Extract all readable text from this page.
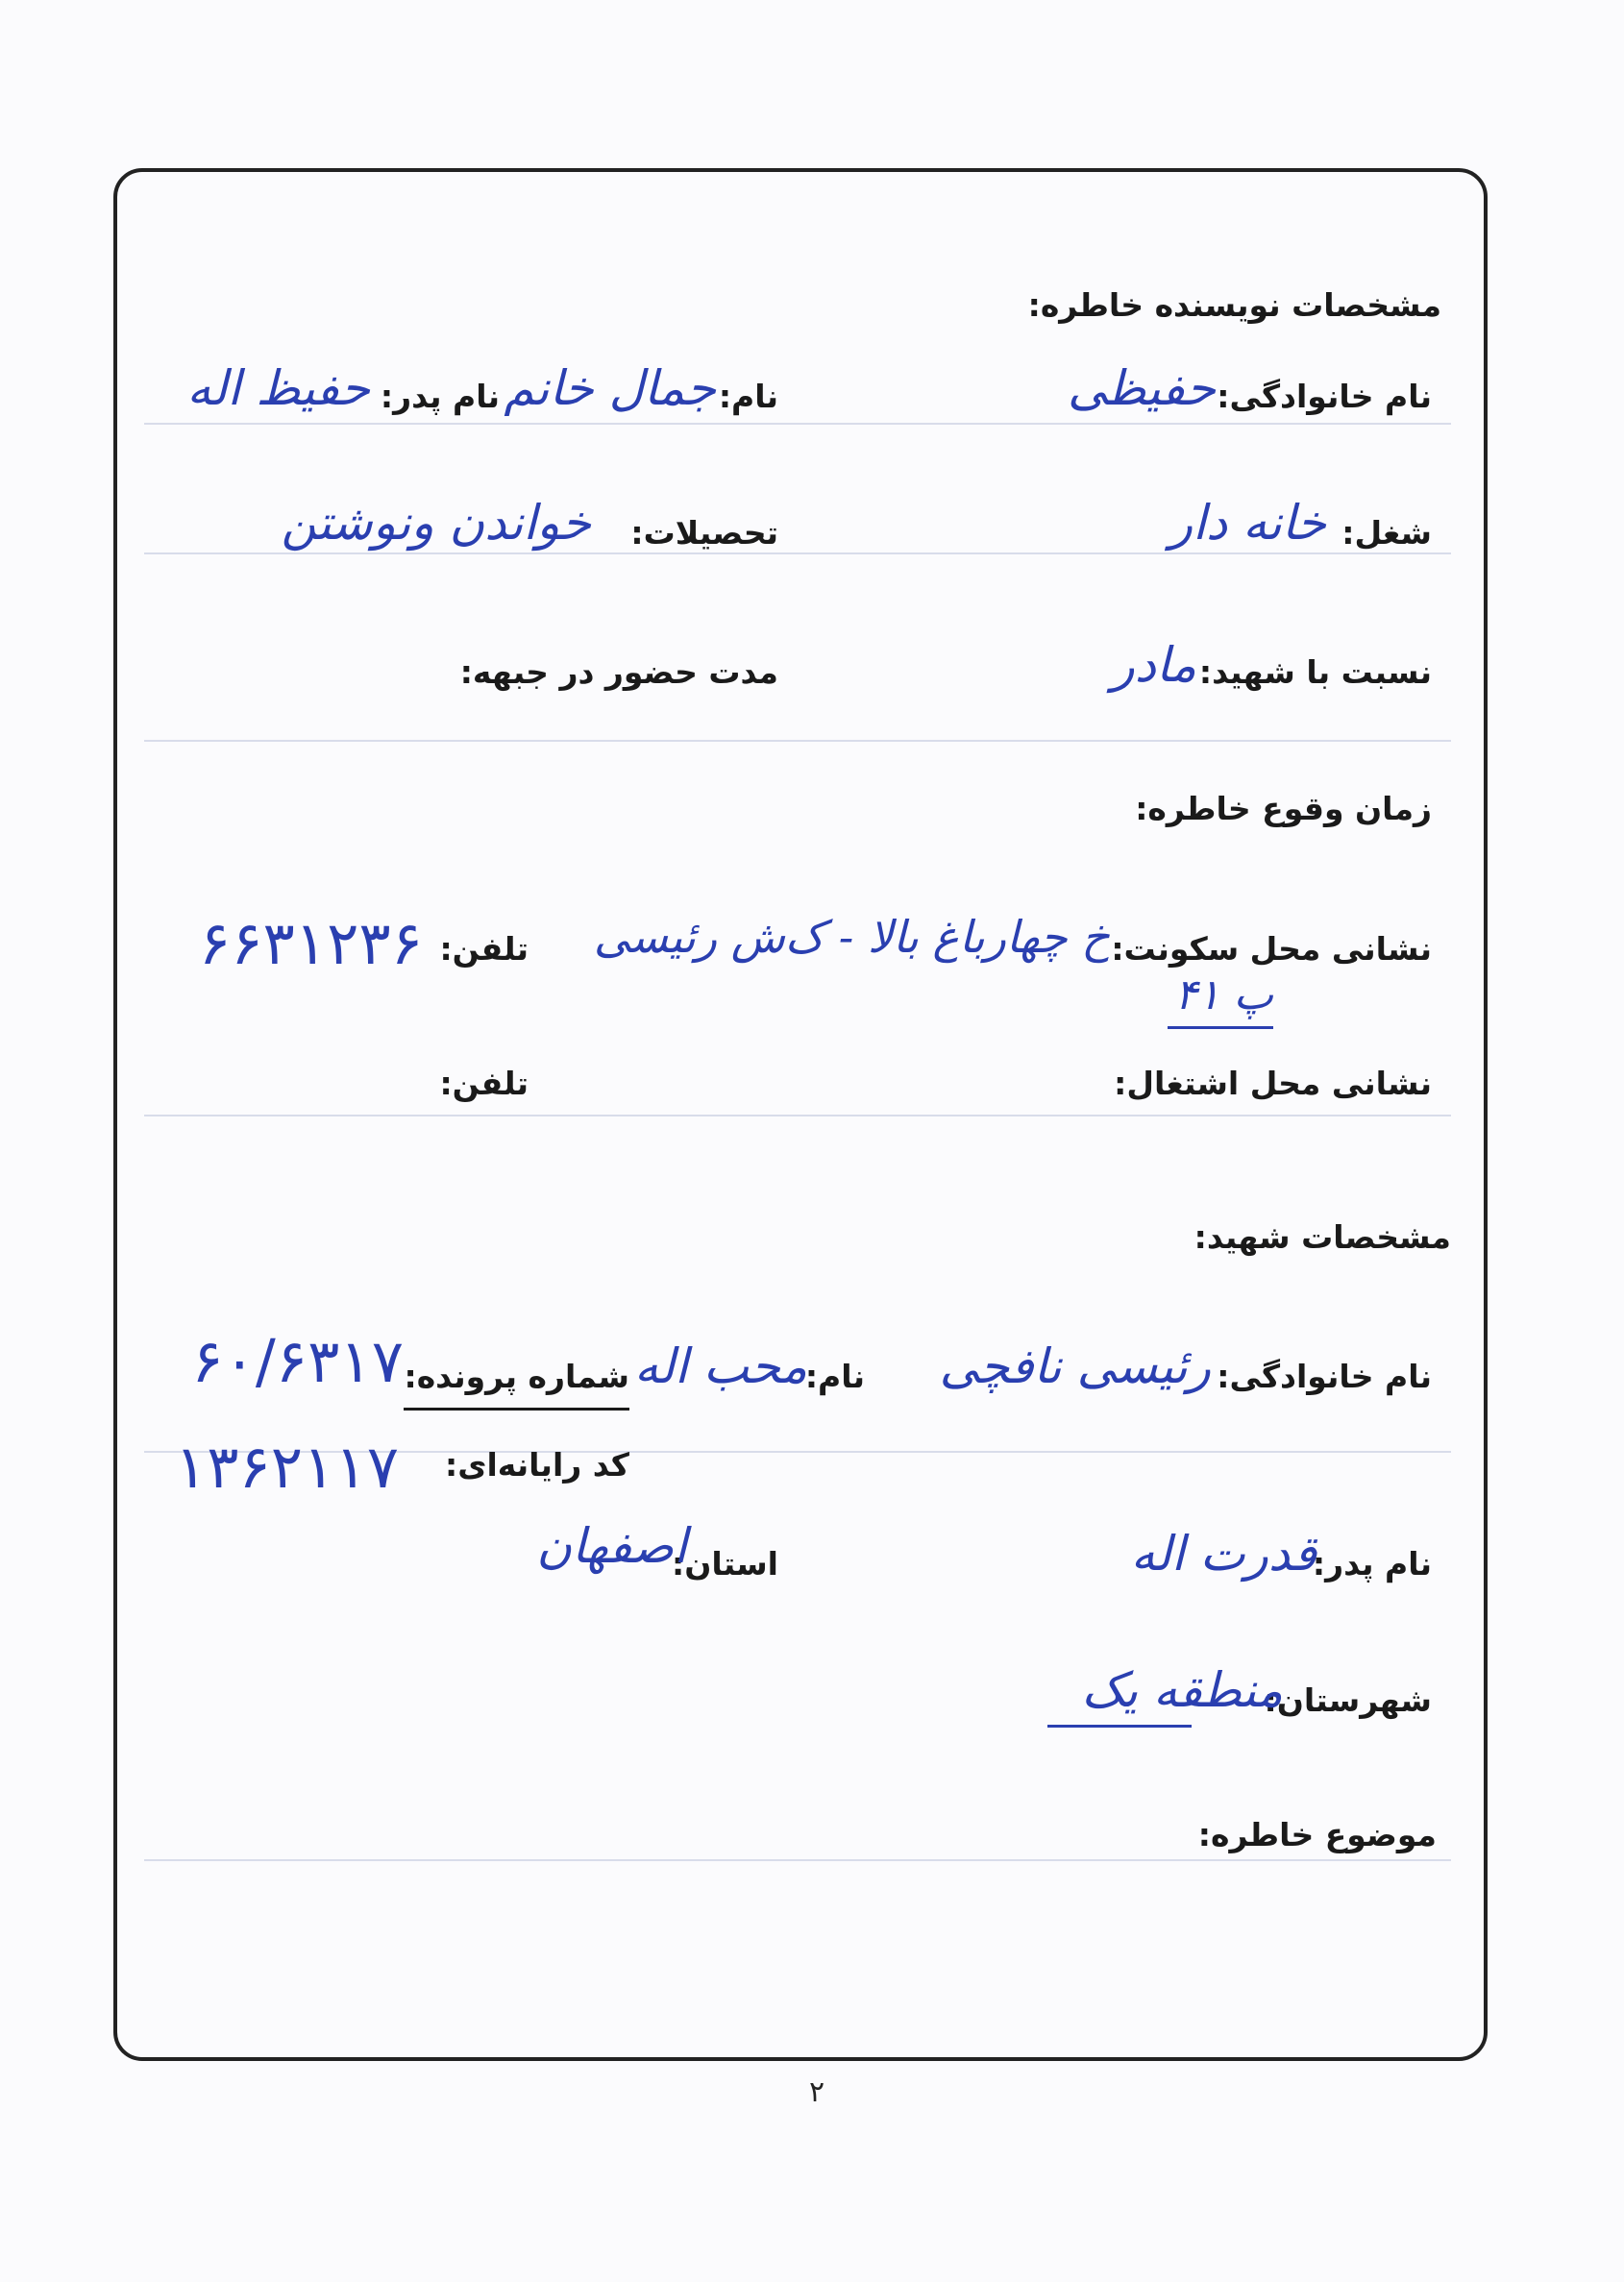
مشخصات نویسنده خاطره:
نام خانوادگی:
حفیظی
نام:
جمال خانم
نام پدر:
حفیظ اله
شغل:
خانه دار
تحصیلات:
خواندن ونوشتن
نسبت با شهید:
مادر
مدت حضور در جبهه:
زمان وقوع خاطره:
نشانی محل سکونت:
خ چهارباغ بالا - ک‌ش رئیسی
پ ۴۱
تلفن:
۶۶۳۱۲۳۶
نشانی محل اشتغال:
تلفن:
مشخصات شهید:
نام خانوادگی:
رئیسی نافچی
نام:
محب اله
شماره پرونده:
۶۰/۶۳۱۷
کد رایانه‌ای:
۱۳۶۲۱۱۷
نام پدر:
قدرت اله
استان:
اصفهان
شهرستان:
منطقه یک
موضوع خاطره:
۲
